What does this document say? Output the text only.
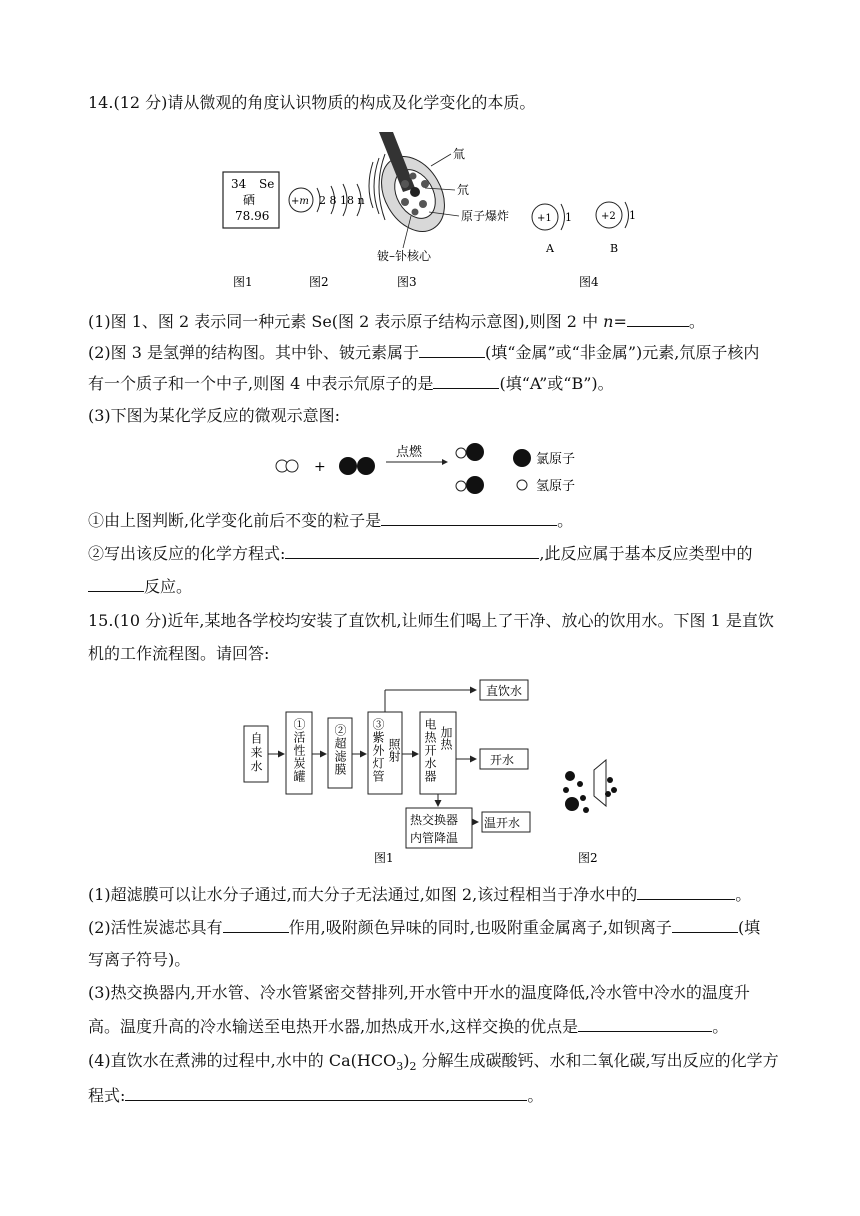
14.(12 分)请从微观的角度认识物质的构成及化学变化的本质。
34 Se
硒
78.96
+m 2 8 18 n
氚
氘
原子爆炸
铍–钋核心
+1 1
A
+2 1
B
图1	图2	图3	图4
(1)图 1、图 2 表示同一种元素 Se(图 2 表示原子结构示意图),则图 2 中 n=	。
(2)图 3 是氢弹的结构图。其中钋、铍元素属于	(填“金属”或“非金属”)元素,氘原子核内
有一个质子和一个中子,则图 4 中表示氘原子的是	(填“A”或“B”)。
(3)下图为某化学反应的微观示意图:
+
点燃	氯原子
氢原子
①由上图判断,化学变化前后不变的粒子是	。
②写出该反应的化学方程式:	,此反应属于基本反应类型中的
反应。
15.(10 分)近年,某地各学校均安装了直饮机,让师生们喝上了干净、放心的饮用水。下图 1 是直饮
机的工作流程图。请回答:
自来水 ①活性炭罐 ②超滤膜 ③紫外灯管 照射
直饮水
电热开水器 加热
开水
热交换器
内管降温
温开水
图1	图2
(1)超滤膜可以让水分子通过,而大分子无法通过,如图 2,该过程相当于净水中的	。
(2)活性炭滤芯具有	作用,吸附颜色异味的同时,也吸附重金属离子,如钡离子	(填
写离子符号)。
(3)热交换器内,开水管、冷水管紧密交替排列,开水管中开水的温度降低,冷水管中冷水的温度升
高。温度升高的冷水输送至电热开水器,加热成开水,这样交换的优点是	。
(4)直饮水在煮沸的过程中,水中的 $Ca(HCO_3)_2$ 分解生成碳酸钙、水和二氧化碳,写出反应的化学方
程式:	。
